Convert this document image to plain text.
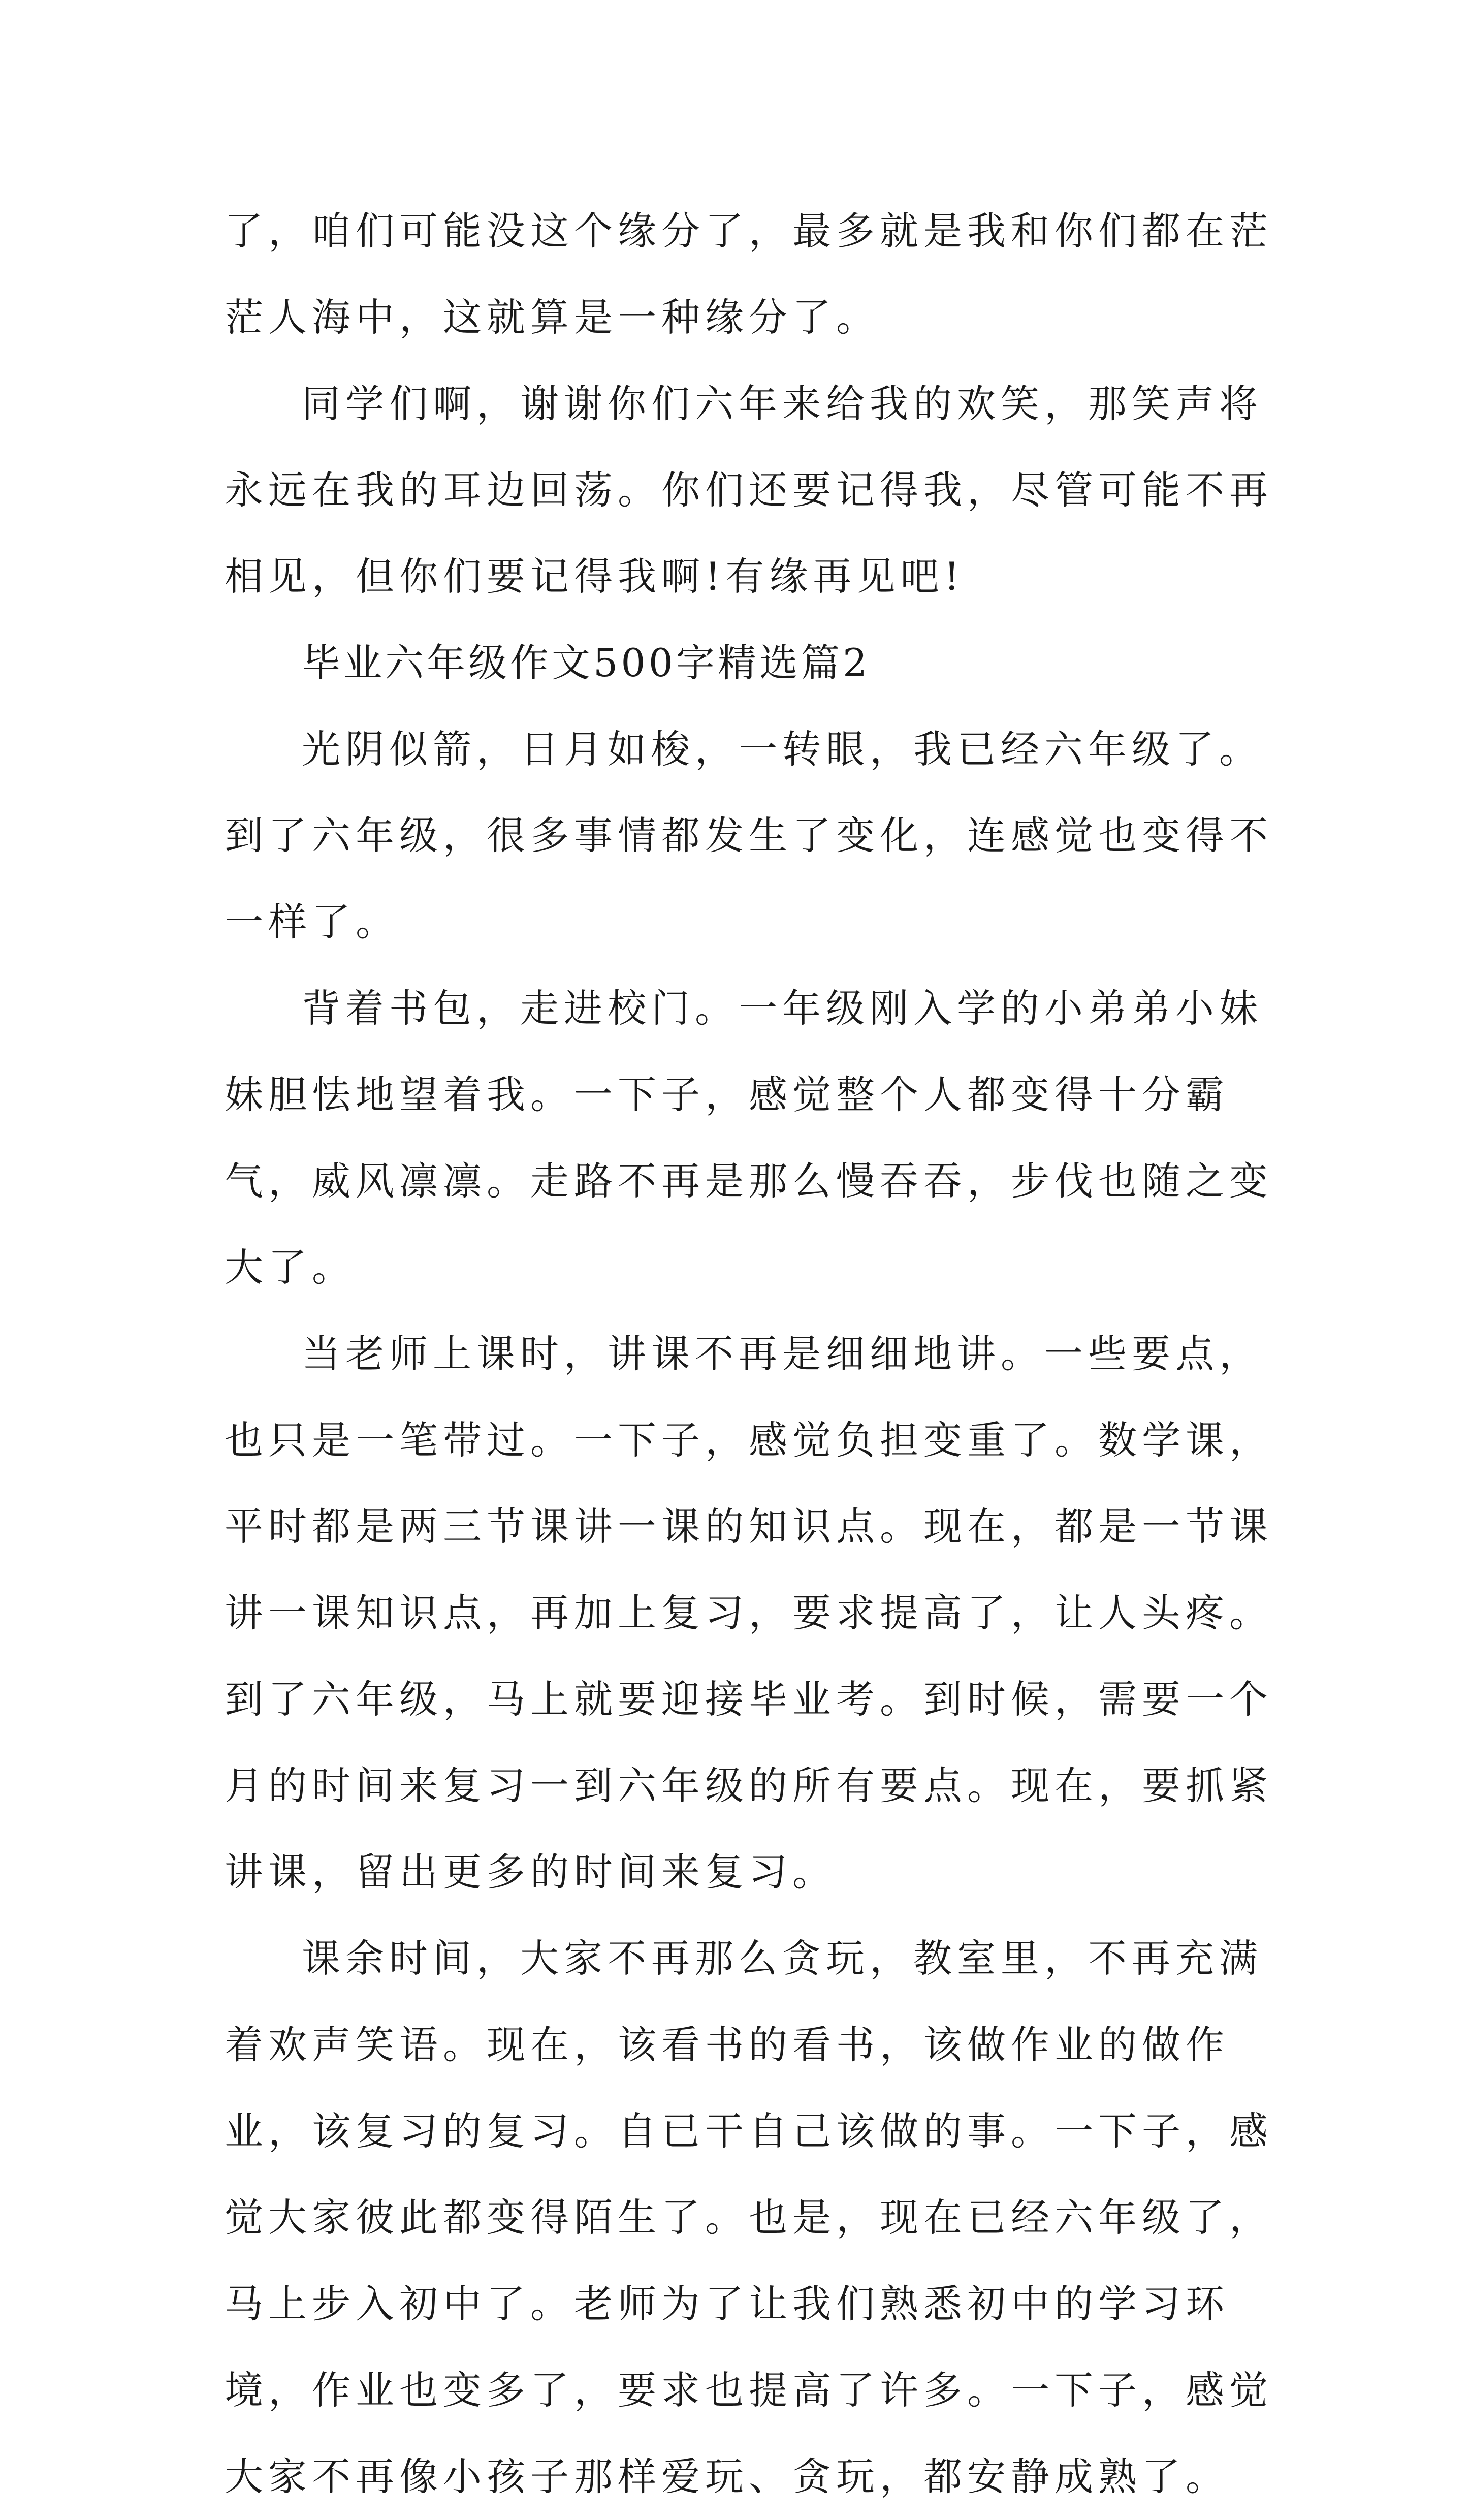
了，咱们可能没这个缘分了，最多就是我和你们都在茫茫人海中，这就算是一种缘分了。

同学们啊，谢谢你们六年来给我的欢笑，那笑声将永远在我的耳边回荡。你们还要记得我，尽管可能不再相见，但你们要记得我啊!有缘再见吧!

毕业六年级作文500字精选篇2

光阴似箭，日月如梭，一转眼，我已经六年级了。到了六年级，很多事情都发生了变化，连感觉也变得不一样了。

背着书包，走进校门。一年级刚入学的小弟弟小妹妹胆怯地望着我。一下子，感觉整个人都变得十分霸气，威风凛凛。走路不再是那么慢吞吞，步伐也随之变大了。

当老师上课时，讲课不再是细细地讲。一些要点，也只是一笔带过。一下子，感觉负担变重了。数学课，平时都是两三节课讲一课的知识点。现在，都是一节课讲一课知识点，再加上复习，要求提高了，让人头疼。到了六年级，马上就要迎接毕业考。到时候，需要一个月的时间来复习一到六年级的所有要点。现在，要抓紧讲课，留出更多的时间来复习。

课余时间，大家不再那么贪玩，教室里，不再充满着欢声笑语。现在，该看书的看书，该做作业的做作业，该复习的复习。自已干自己该做的事。一下子，感觉大家彼此都变得陌生了。也是，现在已经六年级了，马上步入初中了。老师为了让我们熟悉初中的学习环境，作业也变多了，要求也提高了许多。一下子，感觉大家不再像小孩子那样爱玩、贪玩，都安静成熟了。
